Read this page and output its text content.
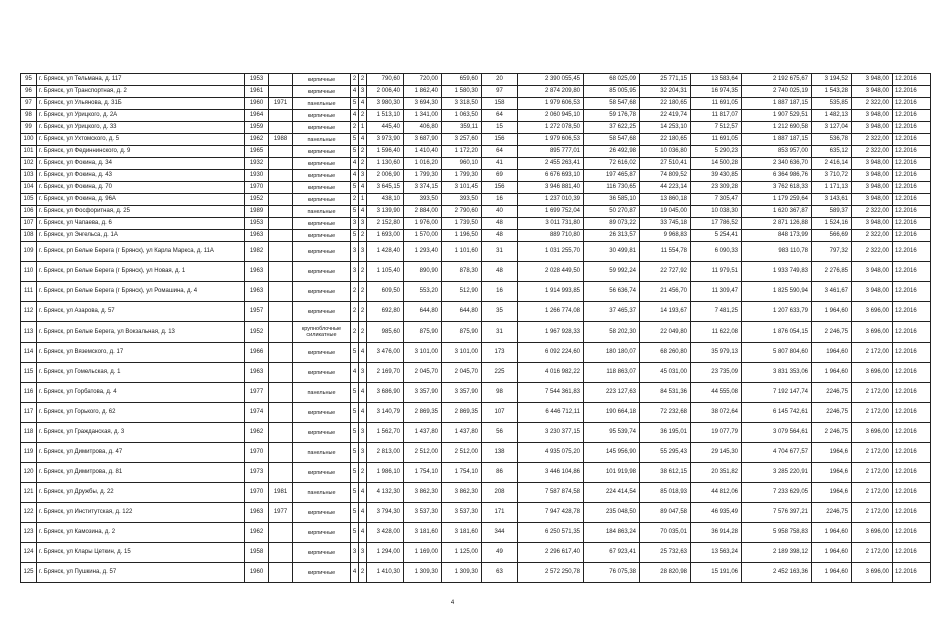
95	г. Брянск, ул Тельмана, д. 117	1953		кирпичные	2	2	790,60	720,00	659,60	20	2 390 055,45	68 025,09	25 771,15	13 583,64	2 192 675,67	3 194,52	3 948,00	12.2016
96	г. Брянск, ул Транспортная, д. 2	1961		кирпичные	4	3	2 006,40	1 862,40	1 580,30	97	2 874 209,80	85 005,95	32 204,31	16 974,35	2 740 025,19	1 543,28	3 948,00	12.2016
97	г. Брянск, ул Ульянова, д. 31Б	1960	1971	панельные	5	4	3 980,30	3 694,30	3 318,50	158	1 979 606,53	58 547,68	22 180,65	11 691,05	1 887 187,15	535,85	2 322,00	12.2016
98	г. Брянск, ул Урицкого, д. 2А	1964		кирпичные	4	2	1 513,10	1 341,00	1 063,50	64	2 060 945,10	59 176,78	22 419,74	11 817,07	1 907 529,51	1 482,13	3 948,00	12.2016
99	г. Брянск, ул Урицкого, д. 33	1959		кирпичные	2	1	445,40	406,80	359,11	15	1 272 078,50	37 622,25	14 253,10	7 512,57	1 212 690,58	3 127,04	3 948,00	12.2016
100	г. Брянск, ул Ухтомского, д. 5	1962	1988	панельные	5	4	3 973,90	3 687,90	3 257,60	156	1 979 606,53	58 547,68	22 180,65	11 691,05	1 887 187,15	536,78	2 322,00	12.2016
101	г. Брянск, ул Фединнинского, д. 9	1965		кирпичные	5	2	1 596,40	1 410,40	1 172,20	64	895 777,01	26 492,98	10 036,80	5 290,23	853 957,00	635,12	2 322,00	12.2016
102	г. Брянск, ул Фокина, д. 34	1932		кирпичные	4	2	1 130,60	1 016,20	960,10	41	2 455 263,41	72 616,02	27 510,41	14 500,28	2 340 636,70	2 416,14	3 948,00	12.2016
103	г. Брянск, ул Фокина, д. 43	1930		кирпичные	4	3	2 006,90	1 799,30	1 799,30	69	6 676 693,10	197 465,87	74 809,52	39 430,85	6 364 986,76	3 710,72	3 948,00	12.2016
104	г. Брянск, ул Фокина, д. 70	1970		кирпичные	5	4	3 645,15	3 374,15	3 101,45	156	3 946 881,40	116 730,65	44 223,14	23 309,28	3 762 618,33	1 171,13	3 948,00	12.2016
105	г. Брянск, ул Фокина, д. 96А	1952		кирпичные	2	1	438,10	393,50	393,50	16	1 237 010,39	36 585,10	13 860,18	7 305,47	1 179 259,64	3 143,61	3 948,00	12.2016
106	г. Брянск, ул Фосфоритная, д. 25	1989		панельные	5	4	3 139,90	2 884,00	2 790,60	40	1 699 752,04	50 270,87	19 045,00	10 038,30	1 620 367,87	589,37	2 322,00	12.2016
107	г. Брянск, ул Чапаева, д. 6	1953		кирпичные	3	3	2 152,80	1 976,00	1 739,50	48	3 011 731,80	89 073,22	33 745,18	17 786,52	2 871 126,88	1 524,16	3 948,00	12.2016
108	г. Брянск, ул Энгельса, д. 1А	1963		кирпичные	5	2	1 693,00	1 570,00	1 196,50	48	889 710,80	26 313,57	9 968,83	5 254,41	848 173,99	566,69	2 322,00	12.2016
109	г. Брянск, рп Белые Берега (г Брянск), ул Карла Маркса, д. 11А	1982		кирпичные	3	3	1 428,40	1 293,40	1 101,60	31	1 031 255,70	30 499,81	11 554,78	6 090,33	983 110,78	797,32	2 322,00	12.2016
110	г. Брянск, рп Белые Берега (г Брянск), ул Новая, д. 1	1963		кирпичные	3	2	1 105,40	890,90	878,30	48	2 028 449,50	59 992,24	22 727,92	11 979,51	1 933 749,83	2 276,85	3 948,00	12.2016
111	г. Брянск, рп Белые Берега (г Брянск), ул Ромашина, д. 4	1963		кирпичные	2	2	609,50	553,20	512,90	16	1 914 993,85	56 636,74	21 456,70	11 309,47	1 825 590,94	3 461,67	3 948,00	12.2016
112	г. Брянск, ул Азарова, д. 57	1957		кирпичные	2	2	692,80	644,80	644,80	35	1 266 774,08	37 465,37	14 193,67	7 481,25	1 207 633,79	1 964,60	3 696,00	12.2016
113	г. Брянск, рп Белые Берега, ул Вокзальная, д. 13	1952		крупноблочные силикатные	2	2	985,60	875,90	875,90	31	1 967 928,33	58 202,30	22 049,80	11 622,08	1 876 054,15	2 246,75	3 696,00	12.2016
114	г. Брянск, ул Вяземского, д. 17	1966		кирпичные	5	4	3 476,00	3 101,00	3 101,00	173	6 092 224,60	180 180,07	68 260,80	35 979,13	5 807 804,60	1964,60	2 172,00	12.2016
115	г. Брянск, ул Гомельская, д. 1	1963		кирпичные	4	3	2 169,70	2 045,70	2 045,70	225	4 016 982,22	118 863,07	45 031,00	23 735,09	3 831 353,06	1 964,60	3 696,00	12.2016
116	г. Брянск, ул Горбатова, д. 4	1977		панельные	5	4	3 686,90	3 357,90	3 357,90	98	7 544 361,83	223 127,63	84 531,36	44 555,08	7 192 147,74	2246,75	2 172,00	12.2016
117	г. Брянск, ул Горького, д. 62	1974		кирпичные	5	4	3 140,79	2 869,35	2 869,35	107	6 446 712,11	190 664,18	72 232,68	38 072,64	6 145 742,61	2246,75	2 172,00	12.2016
118	г. Брянск, ул Гражданская, д. 3	1962		кирпичные	5	3	1 562,70	1 437,80	1 437,80	56	3 230 377,15	95 539,74	36 195,01	19 077,79	3 079 564,61	2 246,75	3 696,00	12.2016
119	г. Брянск, ул Димитрова, д. 47	1970		панельные	5	3	2 813,00	2 512,00	2 512,00	138	4 935 075,20	145 956,90	55 295,43	29 145,30	4 704 677,57	1964,6	2 172,00	12.2016
120	г. Брянск, ул Димитрова, д. 81	1973		кирпичные	5	2	1 986,10	1 754,10	1 754,10	86	3 446 104,86	101 919,98	38 612,15	20 351,82	3 285 220,91	1964,6	2 172,00	12.2016
121	г. Брянск, ул Дружбы, д. 22	1970	1981	панельные	5	4	4 132,30	3 862,30	3 862,30	208	7 587 874,58	224 414,54	85 018,93	44 812,06	7 233 629,05	1964,6	2 172,00	12.2016
122	г. Брянск, ул Институтская, д. 122	1963	1977	кирпичные	5	4	3 794,30	3 537,30	3 537,30	171	7 947 428,78	235 048,50	89 047,58	46 935,49	7 576 397,21	2246,75	2 172,00	12.2016
123	г. Брянск, ул Камозина, д. 2	1962		кирпичные	5	4	3 428,00	3 181,60	3 181,60	344	6 250 571,35	184 863,24	70 035,01	36 914,28	5 958 758,83	1 964,60	3 696,00	12.2016
124	г. Брянск, ул Клары Цеткин, д. 15	1958		кирпичные	3	3	1 294,00	1 169,00	1 125,00	49	2 296 617,40	67 923,41	25 732,63	13 563,24	2 189 398,12	1 964,60	2 172,00	12.2016
125	г. Брянск, ул Пушкина, д. 57	1960		кирпичные	4	2	1 410,30	1 309,30	1 309,30	63	2 572 250,78	76 075,38	28 820,98	15 191,06	2 452 163,36	1 964,60	3 696,00	12.2016
4
